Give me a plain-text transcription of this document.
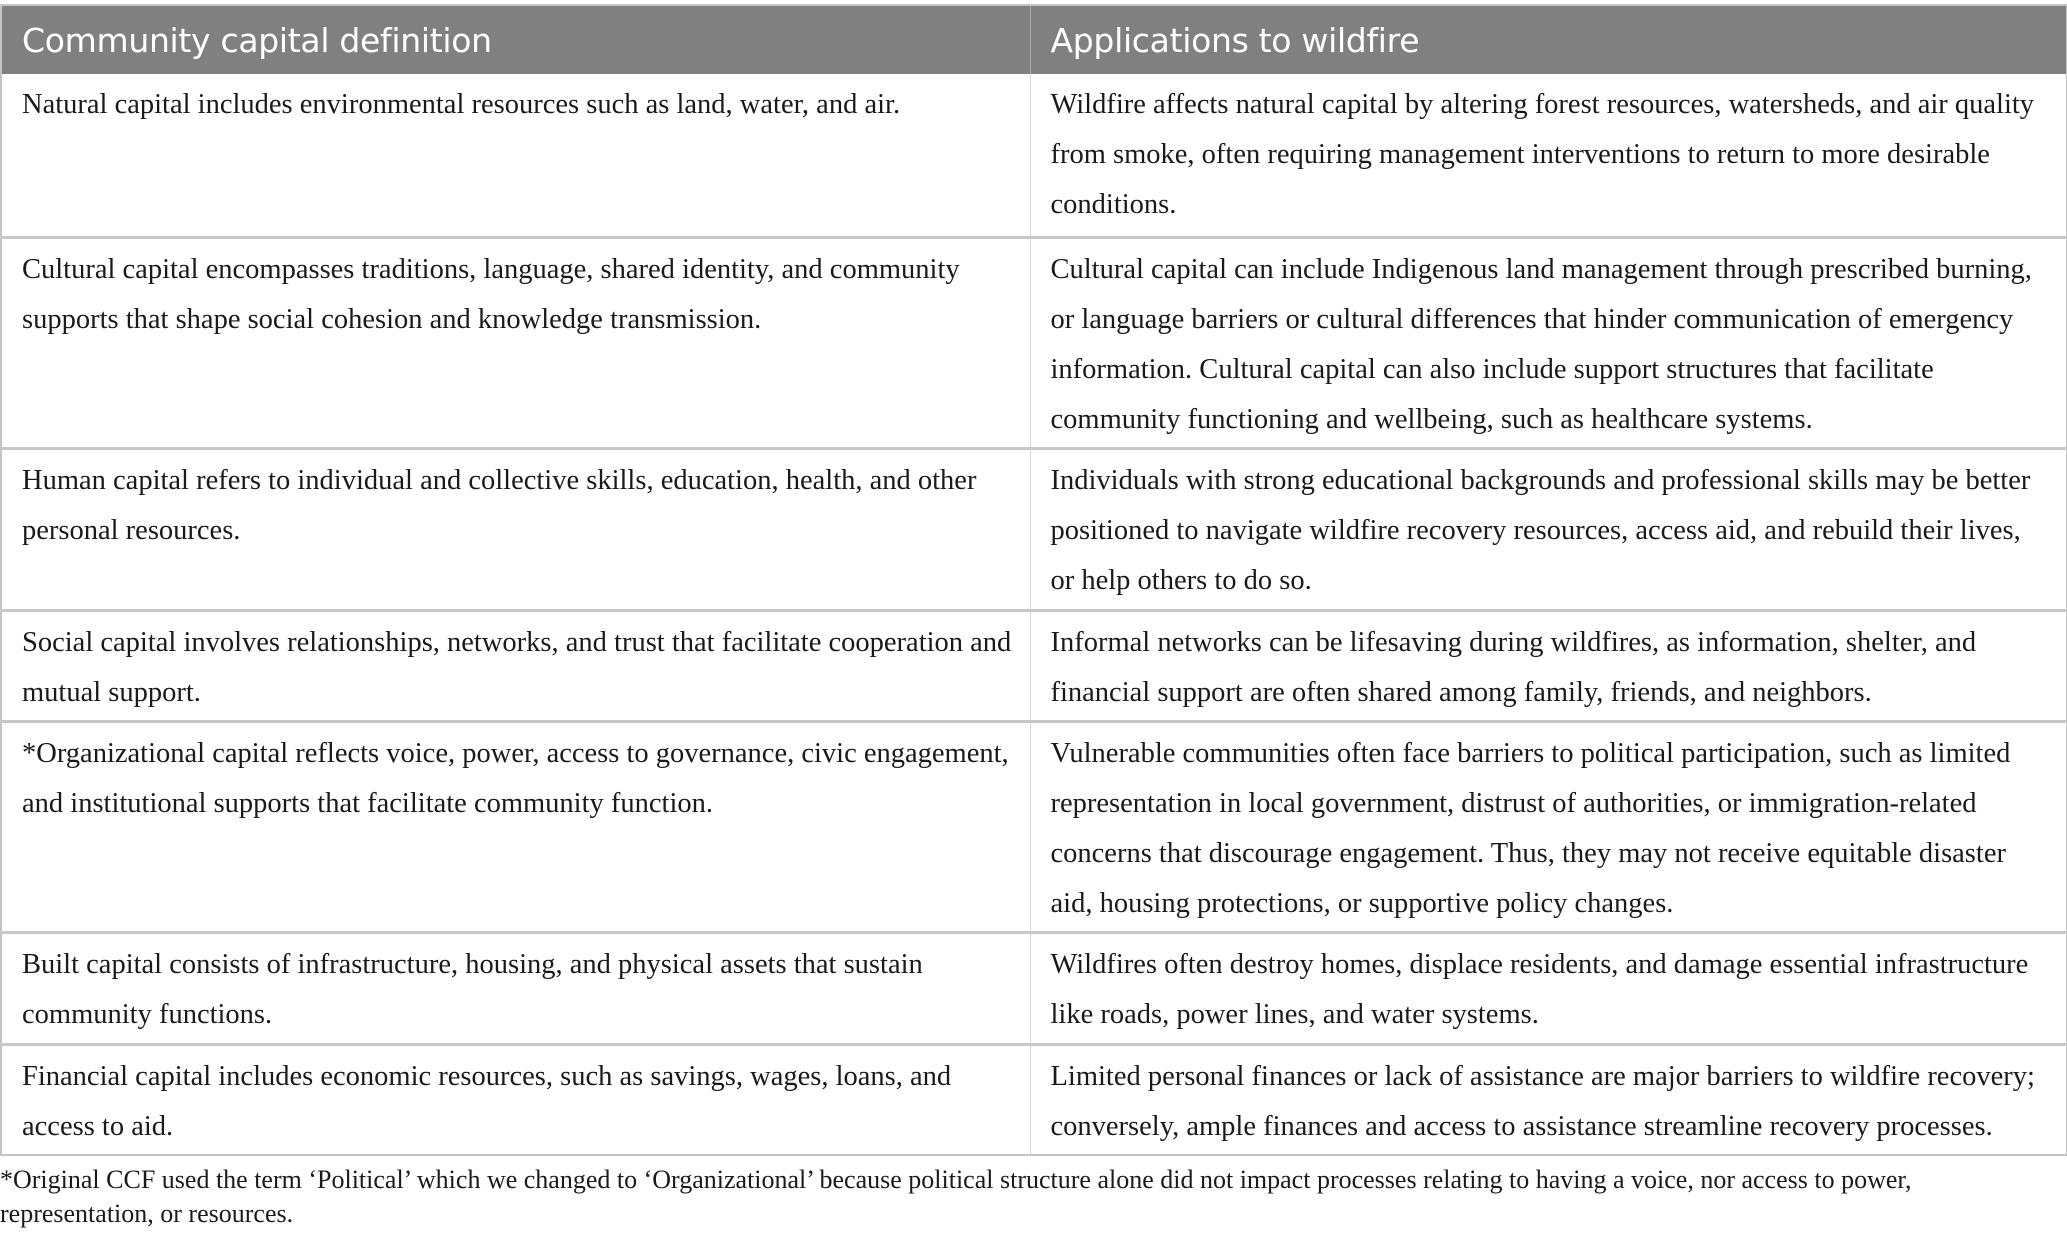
Community capital definition	Applications to wildfire
Natural capital includes environmental resources such as land, water, and air.	Wildfire affects natural capital by altering forest resources, watersheds, and air quality from smoke, often requiring management interventions to return to more desirable conditions.
Cultural capital encompasses traditions, language, shared identity, and community supports that shape social cohesion and knowledge transmission.	Cultural capital can include Indigenous land management through prescribed burning, or language barriers or cultural differences that hinder communication of emergency information. Cultural capital can also include support structures that facilitate community functioning and wellbeing, such as healthcare systems.
Human capital refers to individual and collective skills, education, health, and other personal resources.	Individuals with strong educational backgrounds and professional skills may be better positioned to navigate wildfire recovery resources, access aid, and rebuild their lives, or help others to do so.
Social capital involves relationships, networks, and trust that facilitate cooperation and mutual support.	Informal networks can be lifesaving during wildfires, as information, shelter, and financial support are often shared among family, friends, and neighbors.
*Organizational capital reflects voice, power, access to governance, civic engagement, and institutional supports that facilitate community function.	Vulnerable communities often face barriers to political participation, such as limited representation in local government, distrust of authorities, or immigration-related concerns that discourage engagement. Thus, they may not receive equitable disaster aid, housing protections, or supportive policy changes.
Built capital consists of infrastructure, housing, and physical assets that sustain community functions.	Wildfires often destroy homes, displace residents, and damage essential infrastructure like roads, power lines, and water systems.
Financial capital includes economic resources, such as savings, wages, loans, and access to aid.	Limited personal finances or lack of assistance are major barriers to wildfire recovery; conversely, ample finances and access to assistance streamline recovery processes.
*Original CCF used the term ‘Political’ which we changed to ‘Organizational’ because political structure alone did not impact processes relating to having a voice, nor access to power, representation, or resources.
